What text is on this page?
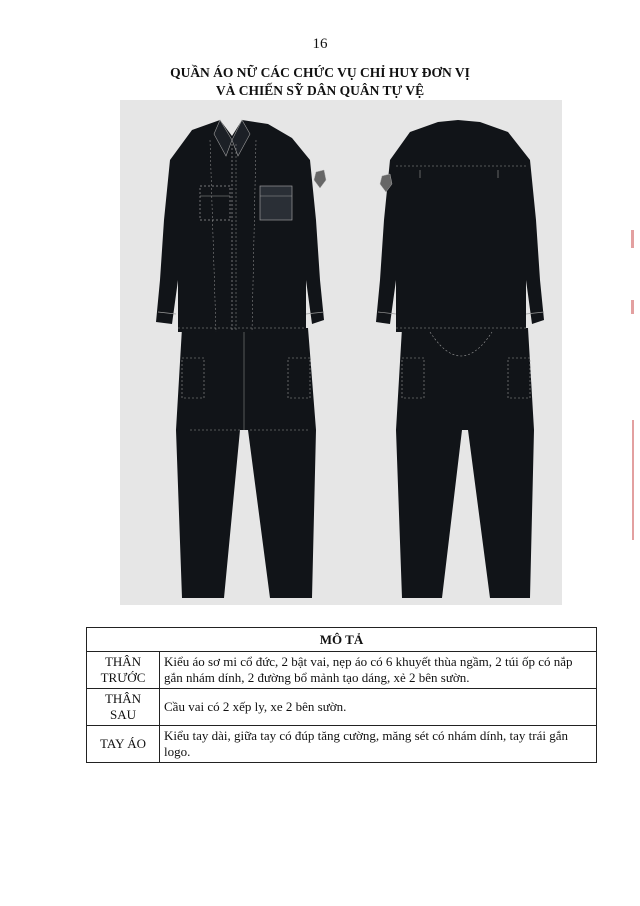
16
QUẦN ÁO NỮ CÁC CHỨC VỤ CHỈ HUY ĐƠN VỊ
VÀ CHIẾN SỸ DÂN QUÂN TỰ VỆ
MÔ TẢ	

THÂN
TRƯỚC	Kiểu áo sơ mi cổ đức, 2 bật vai, nẹp áo có 6 khuyết thùa ngầm, 2 túi ốp có nắp gắn nhám dính, 2 đường bổ mảnh tạo dáng, xẻ 2 bên sườn.

THÂN
SAU	Cầu vai có 2 xếp ly, xe 2 bên sườn.

TAY ÁO	Kiểu tay dài, giữa tay có đúp tăng cường, măng sét có nhám dính, tay trái gắn logo.
